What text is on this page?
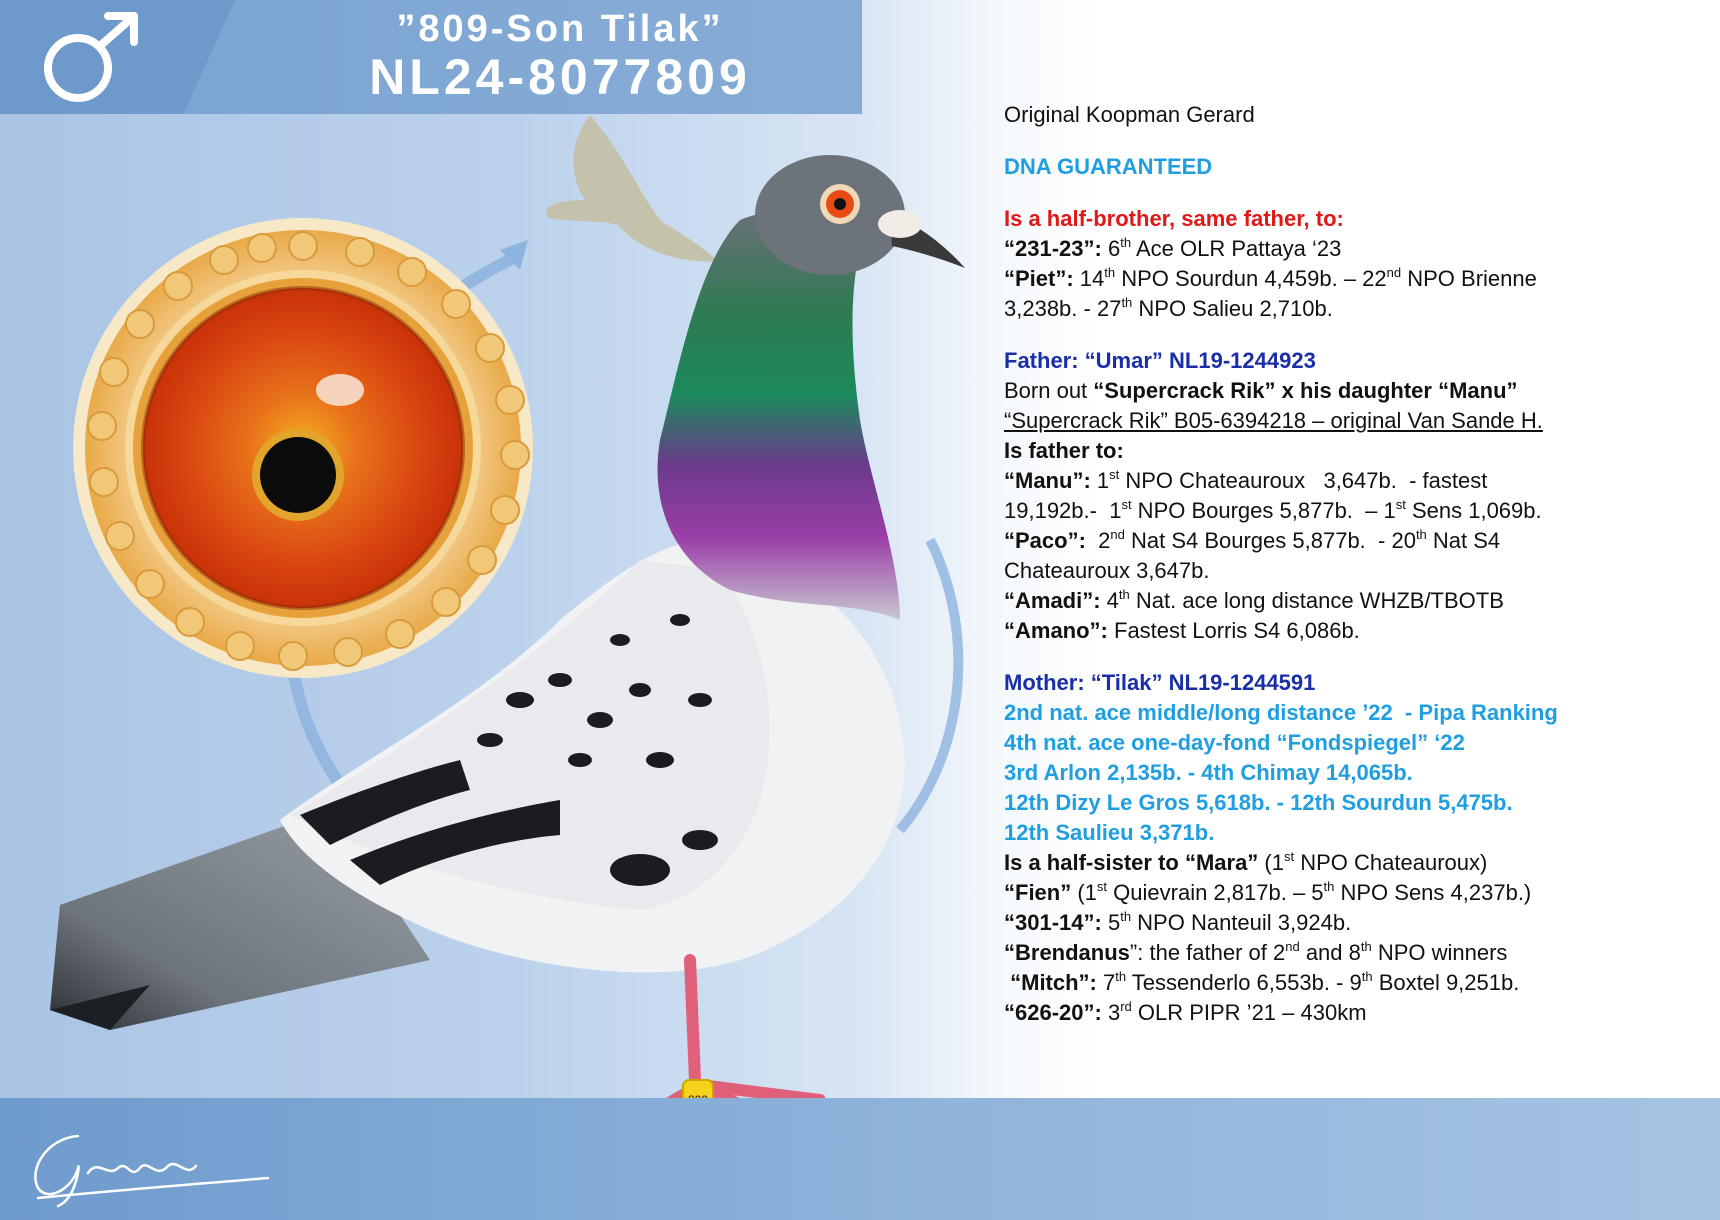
”809-Son Tilak”
NL24-8077809
Original Koopman Gerard
DNA GUARANTEED
Is a half-brother, same father, to:
“231-23”: 6th Ace OLR Pattaya ‘23
“Piet”: 14th NPO Sourdun 4,459b. – 22nd NPO Brienne
3,238b. - 27th NPO Salieu 2,710b.
Father: “Umar” NL19-1244923
Born out “Supercrack Rik” x his daughter “Manu”
“Supercrack Rik” B05-6394218 – original Van Sande H.
Is father to:
“Manu”: 1st NPO Chateauroux   3,647b.  - fastest
19,192b.-  1st NPO Bourges 5,877b.  – 1st Sens 1,069b.
“Paco”:  2nd Nat S4 Bourges 5,877b.  - 20th Nat S4
Chateauroux 3,647b.
“Amadi”: 4th Nat. ace long distance WHZB/TBOTB
“Amano”: Fastest Lorris S4 6,086b.
Mother: “Tilak” NL19-1244591
2nd nat. ace middle/long distance ’22  - Pipa Ranking
4th nat. ace one-day-fond “Fondspiegel” ‘22
3rd Arlon 2,135b. - 4th Chimay 14,065b.
12th Dizy Le Gros 5,618b. - 12th Sourdun 5,475b.
12th Saulieu 3,371b.
Is a half-sister to “Mara” (1st NPO Chateauroux)
“Fien” (1st Quievrain 2,817b. – 5th NPO Sens 4,237b.)
“301-14”: 5th NPO Nanteuil 3,924b.
“Brendanus”: the father of 2nd and 8th NPO winners
“Mitch”: 7th Tessenderlo 6,553b. - 9th Boxtel 9,251b.
“626-20”: 3rd OLR PIPR ’21 – 430km
